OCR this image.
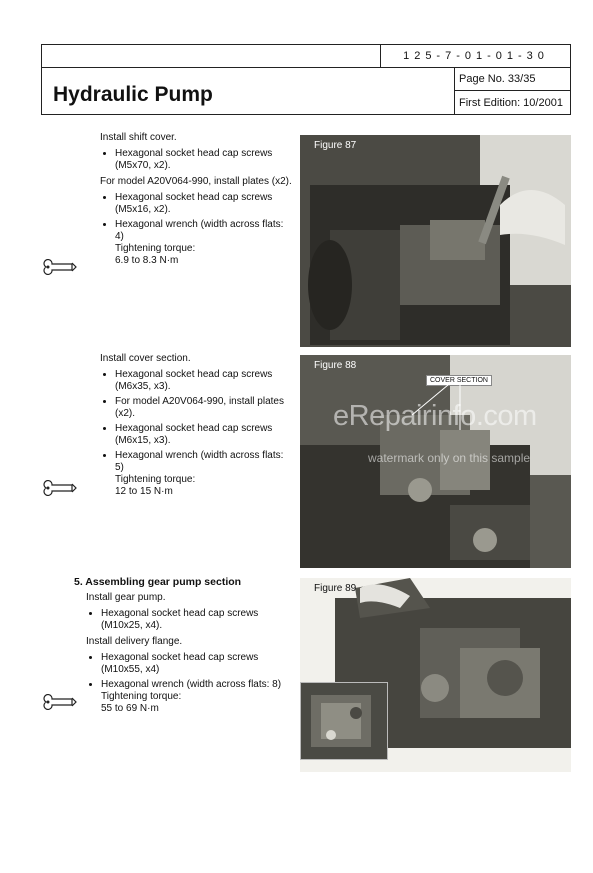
125-7-01-01-30
Hydraulic Pump
Page No. 33/35
First Edition: 10/2001

Install shift cover.

• Hexagonal socket head cap screws (M5x70, x2).

For model A20V064-990, install plates (x2).

• Hexagonal socket head cap screws (M5x16, x2).
• Hexagonal wrench (width across flats: 4)
Tightening torque:
6.9 to 8.3 N·m
Figure 87

Install cover section.

• Hexagonal socket head cap screws (M6x35, x3).
• For model A20V064-990, install plates (x2).
• Hexagonal socket head cap screws (M6x15, x3).
• Hexagonal wrench (width across flats: 5)
Tightening torque:
12 to 15 N·m
Figure 88
COVER SECTION
eRepairinfo.com
watermark only on this sample
5. Assembling gear pump section

Install gear pump.

• Hexagonal socket head cap screws (M10x25, x4).

Install delivery flange.

• Hexagonal socket head cap screws (M10x55, x4)
• Hexagonal wrench (width across flats: 8)
Tightening torque:
55 to 69 N·m
Figure 89
